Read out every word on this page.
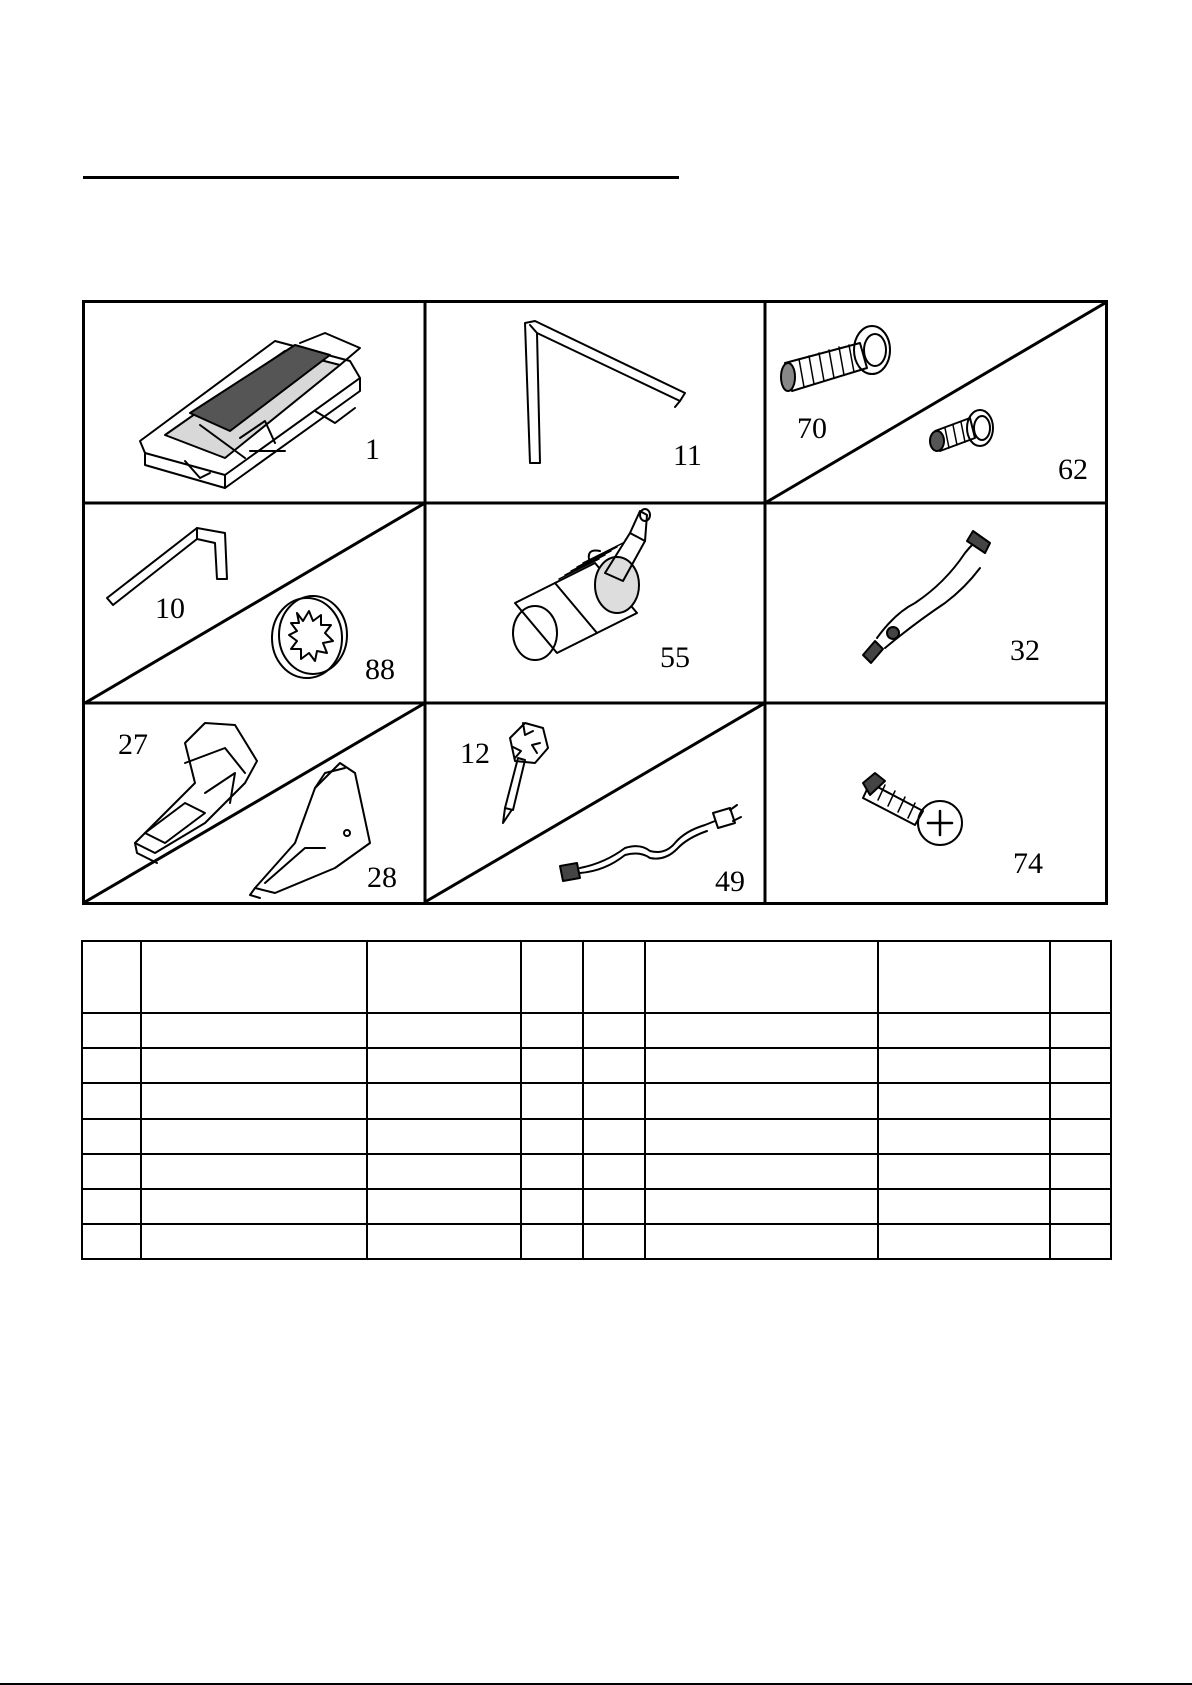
1	11
70
62
10
88	55	32
27
28
12
49
74
